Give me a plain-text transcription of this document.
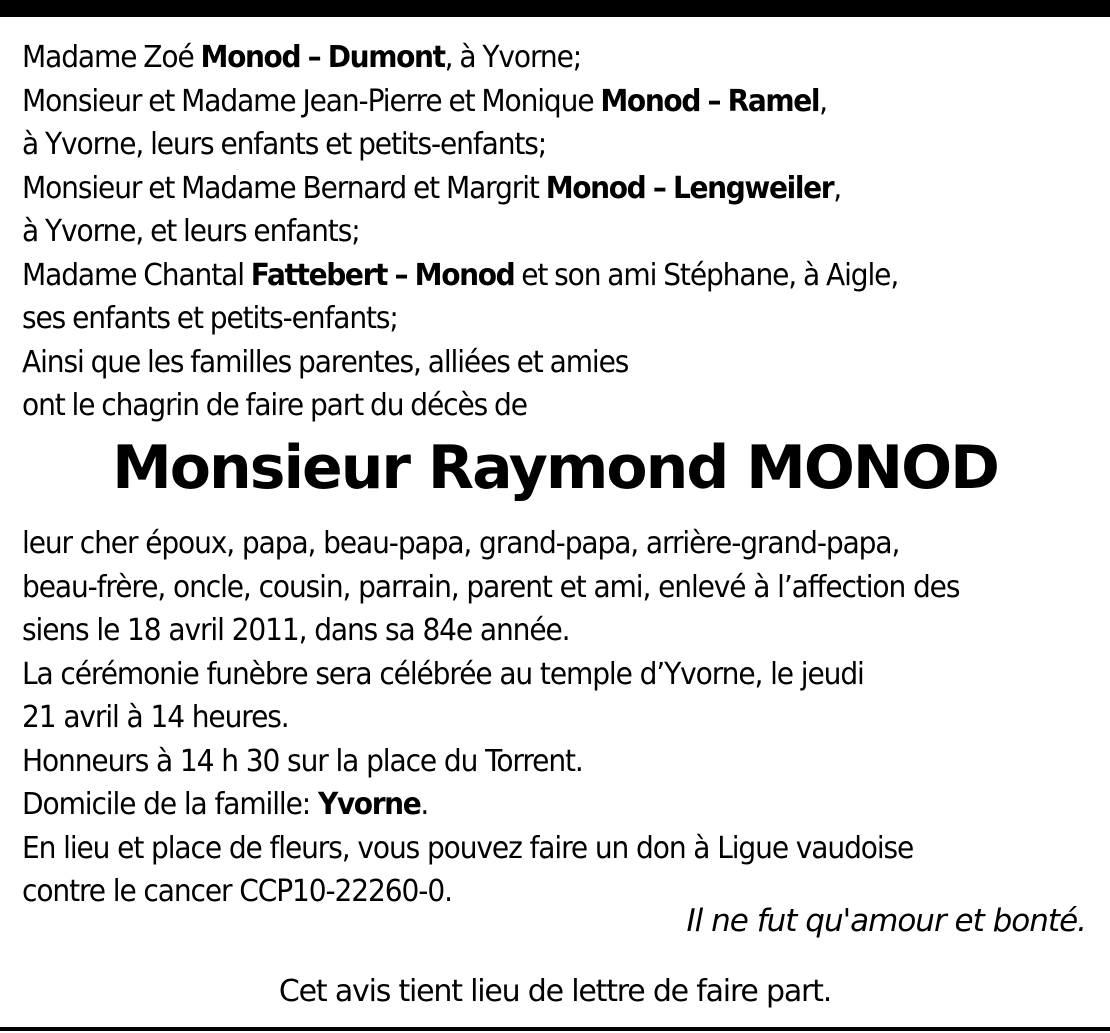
Madame Zoé Monod – Dumont, à Yvorne;
Monsieur et Madame Jean-Pierre et Monique Monod – Ramel,
à Yvorne, leurs enfants et petits-enfants;
Monsieur et Madame Bernard et Margrit Monod – Lengweiler,
à Yvorne, et leurs enfants;
Madame Chantal Fattebert – Monod et son ami Stéphane, à Aigle,
ses enfants et petits-enfants;
Ainsi que les familles parentes, alliées et amies
ont le chagrin de faire part du décès de
Monsieur Raymond MONOD
leur cher époux, papa, beau-papa, grand-papa, arrière-grand-papa,
beau-frère, oncle, cousin, parrain, parent et ami, enlevé à l’affection des
siens le 18 avril 2011, dans sa 84e année.
La cérémonie funèbre sera célébrée au temple d’Yvorne, le jeudi
21 avril à 14 heures.
Honneurs à 14 h 30 sur la place du Torrent.
Domicile de la famille: Yvorne.
En lieu et place de fleurs, vous pouvez faire un don à Ligue vaudoise
contre le cancer CCP10-22260-0.
Il ne fut qu'amour et bonté.
Cet avis tient lieu de lettre de faire part.
